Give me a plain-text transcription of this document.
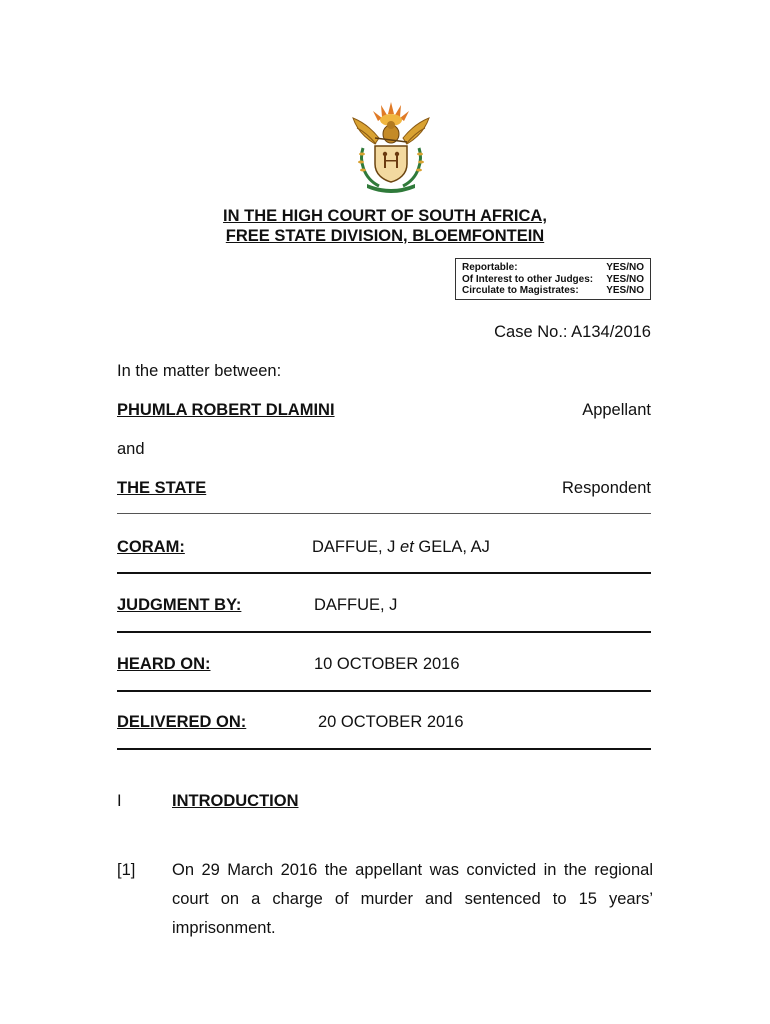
IN THE HIGH COURT OF SOUTH AFRICA,
FREE STATE DIVISION, BLOEMFONTEIN
Reportable:	YES/NO
Of Interest to other Judges: YES/NO
Circulate to Magistrates:	YES/NO
Case No.: A134/2016
In the matter between:
PHUMLA ROBERT DLAMINI	Appellant
and
THE STATE	Respondent
CORAM:	DAFFUE, J et GELA, AJ
JUDGMENT BY:	DAFFUE, J
HEARD ON:	10 OCTOBER 2016
DELIVERED ON:	20 OCTOBER 2016
I	INTRODUCTION
[1] On 29 March 2016 the appellant was convicted in the regional court on a charge of murder and sentenced to 15 years’ imprisonment.
